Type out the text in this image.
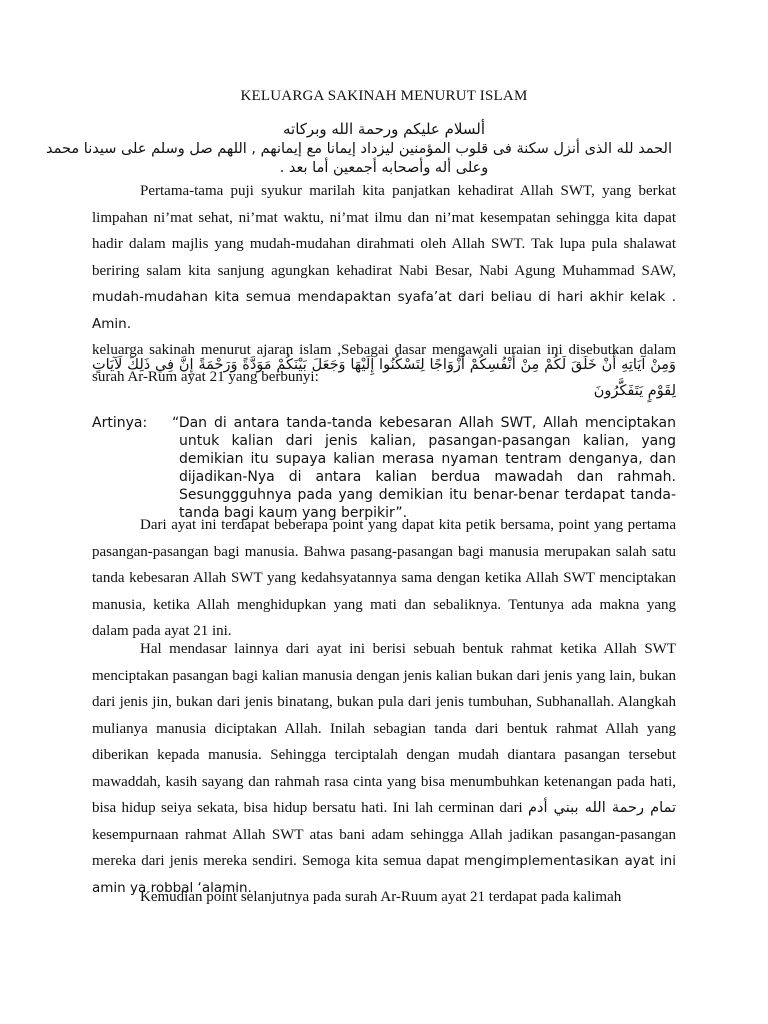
KELUARGA SAKINAH MENURUT ISLAM
ألسلام عليكم ورحمة الله وبركاته
الحمد لله الذى أنزل سكنة فى قلوب المؤمنين ليزداد إيمانا مع إيمانهم , اللهم صل وسلم على سيدنا محمد
وعلى أله وأصحابه أجمعين أما بعد .

Pertama-tama puji syukur marilah kita panjatkan kehadirat Allah SWT, yang berkat limpahan ni’mat sehat, ni’mat waktu, ni’mat ilmu dan ni’mat kesempatan sehingga kita dapat hadir dalam majlis yang mudah-mudahan dirahmati oleh Allah SWT. Tak lupa pula shalawat beriring salam kita sanjung agungkan kehadirat Nabi Besar, Nabi Agung Muhammad SAW, mudah-mudahan kita semua mendapaktan syafa’at dari beliau di hari akhir kelak . Amin.

keluarga sakinah menurut ajaran islam ,Sebagai dasar mengawali uraian ini disebutkan dalam surah Ar-Rum ayat 21 yang berbunyi:

وَمِنْ آيَاتِهِ أَنْ خَلَقَ لَكُمْ مِنْ أَنْفُسِكُمْ أَزْوَاجًا لِتَسْكُنُوا إِلَيْهَا وَجَعَلَ بَيْنَكُمْ مَوَدَّةً وَرَحْمَةً إِنَّ فِي ذَلِكَ لَآيَاتٍ لِقَوْمٍ يَتَفَكَّرُونَ
Artinya: “Dan di antara tanda-tanda kebesaran Allah SWT, Allah menciptakan untuk kalian dari jenis kalian, pasangan-pasangan kalian, yang demikian itu supaya kalian merasa nyaman tentram denganya, dan dijadikan-Nya di antara kalian berdua mawadah dan rahmah. Sesunggguhnya pada yang demikian itu benar-benar terdapat tanda-tanda bagi kaum yang berpikir”.

Dari ayat ini terdapat beberapa point yang dapat kita petik bersama, point yang pertama pasangan-pasangan bagi manusia. Bahwa pasang-pasangan bagi manusia merupakan salah satu tanda kebesaran Allah SWT yang kedahsyatannya sama dengan ketika Allah SWT menciptakan manusia, ketika Allah menghidupkan yang mati dan sebaliknya. Tentunya ada makna yang dalam pada ayat 21 ini.

Hal mendasar lainnya dari ayat ini berisi sebuah bentuk rahmat ketika Allah SWT menciptakan pasangan bagi kalian manusia dengan jenis kalian bukan dari jenis yang lain, bukan dari jenis jin, bukan dari jenis binatang, bukan pula dari jenis tumbuhan, Subhanallah. Alangkah mulianya manusia diciptakan Allah. Inilah sebagian tanda dari bentuk rahmat Allah yang diberikan kepada manusia. Sehingga terciptalah dengan mudah diantara pasangan tersebut mawaddah, kasih sayang dan rahmah rasa cinta yang bisa menumbuhkan ketenangan pada hati, bisa hidup seiya sekata, bisa hidup bersatu hati. Ini lah cerminan dari تمام رحمة الله ببني أدم kesempurnaan rahmat Allah SWT atas bani adam sehingga Allah jadikan pasangan-pasangan mereka dari jenis mereka sendiri. Semoga kita semua dapat mengimplementasikan ayat ini amin ya robbal ‘alamin.

Kemudian point selanjutnya pada surah Ar-Ruum ayat 21 terdapat pada kalimah
